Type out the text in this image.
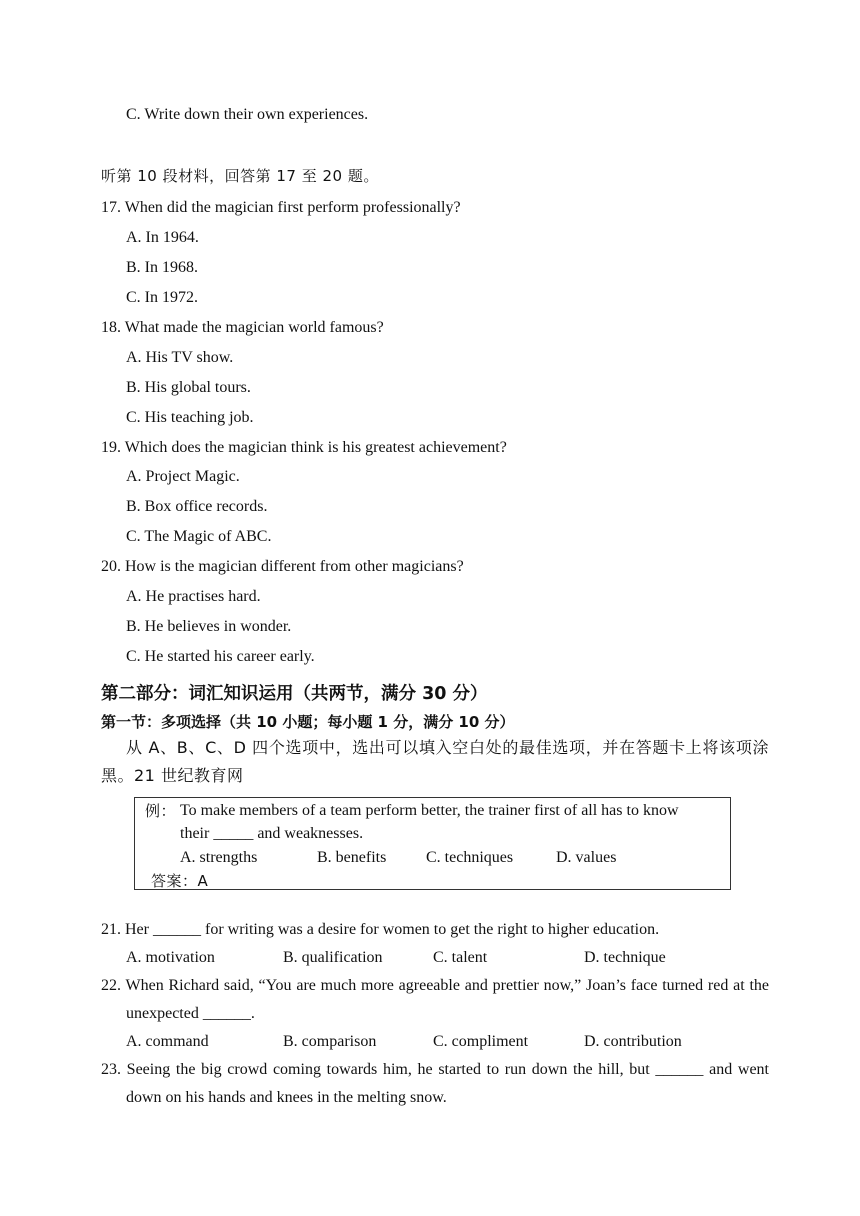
C. Write down their own experiences.
听第 10 段材料，回答第 17 至 20 题。
17. When did the magician first perform professionally?
A. In 1964.
B. In 1968.
C. In 1972.
18. What made the magician world famous?
A. His TV show.
B. His global tours.
C. His teaching job.
19. Which does the magician think is his greatest achievement?
A. Project Magic.
B. Box office records.
C. The Magic of ABC.
20. How is the magician different from other magicians?
A. He practises hard.
B. He believes in wonder.
C. He started his career early.
第二部分：词汇知识运用（共两节，满分 30 分）
第一节：多项选择（共 10 小题；每小题 1 分，满分 10 分）
从 A、B、C、D 四个选项中，选出可以填入空白处的最佳选项，并在答题卡上将该项涂黑。21 世纪教育网
例： To make members of a team perform better, the trainer first of all has to know
their _____ and weaknesses.
A. strengths	B. benefits C. techniques	D. values
答案：A
21. Her ______ for writing was a desire for women to get the right to higher education.
A. motivation	B. qualification	C. talent	D. technique
22. When Richard said, “You are much more agreeable and prettier now,” Joan’s face turned red at the unexpected ______.
A. command	B. comparison	C. compliment	D. contribution
23. Seeing the big crowd coming towards him, he started to run down the hill, but ______ and went down on his hands and knees in the melting snow.
